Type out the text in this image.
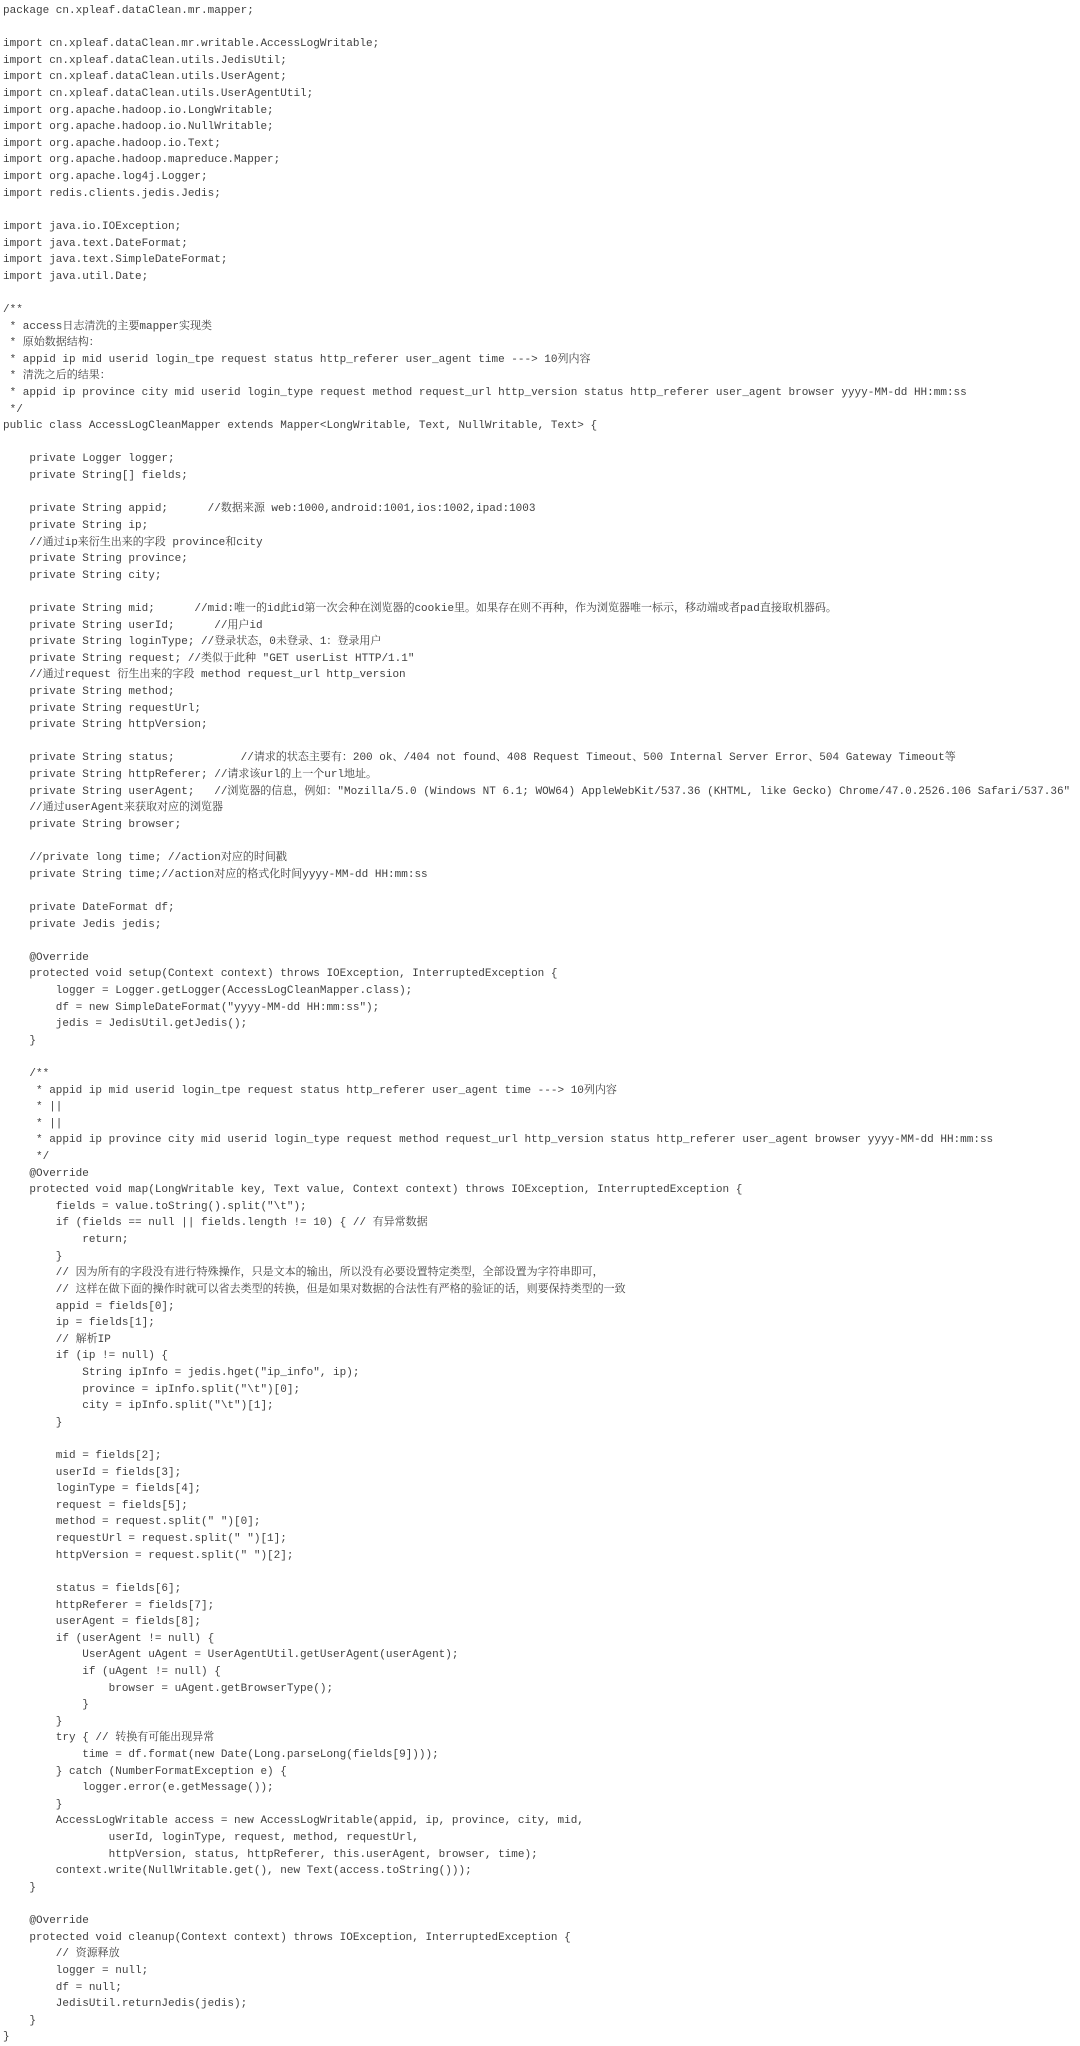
package cn.xpleaf.dataClean.mr.mapper;
import cn.xpleaf.dataClean.mr.writable.AccessLogWritable;
import cn.xpleaf.dataClean.utils.JedisUtil;
import cn.xpleaf.dataClean.utils.UserAgent;
import cn.xpleaf.dataClean.utils.UserAgentUtil;
import org.apache.hadoop.io.LongWritable;
import org.apache.hadoop.io.NullWritable;
import org.apache.hadoop.io.Text;
import org.apache.hadoop.mapreduce.Mapper;
import org.apache.log4j.Logger;
import redis.clients.jedis.Jedis;
import java.io.IOException;
import java.text.DateFormat;
import java.text.SimpleDateFormat;
import java.util.Date;
/**
* access日志清洗的主要mapper实现类
* 原始数据结构：
* appid ip mid userid login_tpe request status http_referer user_agent time ---> 10列内容
* 清洗之后的结果：
* appid ip province city mid userid login_type request method request_url http_version status http_referer user_agent browser yyyy-MM-dd HH:mm:ss
*/
public class AccessLogCleanMapper extends Mapper<LongWritable, Text, NullWritable, Text> {
private Logger logger;
private String[] fields;
private String appid;      //数据来源 web:1000,android:1001,ios:1002,ipad:1003
private String ip;
//通过ip来衍生出来的字段 province和city
private String province;
private String city;
private String mid;      //mid:唯一的id此id第一次会种在浏览器的cookie里。如果存在则不再种，作为浏览器唯一标示，移动端或者pad直接取机器码。
private String userId;      //用户id
private String loginType; //登录状态，0未登录、1：登录用户
private String request; //类似于此种 "GET userList HTTP/1.1"
//通过request 衍生出来的字段 method request_url http_version
private String method;
private String requestUrl;
private String httpVersion;
private String status;          //请求的状态主要有：200 ok、/404 not found、408 Request Timeout、500 Internal Server Error、504 Gateway Timeout等
private String httpReferer; //请求该url的上一个url地址。
private String userAgent;   //浏览器的信息，例如："Mozilla/5.0 (Windows NT 6.1; WOW64) AppleWebKit/537.36 (KHTML, like Gecko) Chrome/47.0.2526.106 Safari/537.36"
//通过userAgent来获取对应的浏览器
private String browser;
//private long time; //action对应的时间戳
private String time;//action对应的格式化时间yyyy-MM-dd HH:mm:ss
private DateFormat df;
private Jedis jedis;
@Override
protected void setup(Context context) throws IOException, InterruptedException {
logger = Logger.getLogger(AccessLogCleanMapper.class);
df = new SimpleDateFormat("yyyy-MM-dd HH:mm:ss");
jedis = JedisUtil.getJedis();
}
/**
* appid ip mid userid login_tpe request status http_referer user_agent time ---> 10列内容
* ||
* ||
* appid ip province city mid userid login_type request method request_url http_version status http_referer user_agent browser yyyy-MM-dd HH:mm:ss
*/
@Override
protected void map(LongWritable key, Text value, Context context) throws IOException, InterruptedException {
fields = value.toString().split("\t");
if (fields == null || fields.length != 10) { // 有异常数据
return;
}
// 因为所有的字段没有进行特殊操作，只是文本的输出，所以没有必要设置特定类型，全部设置为字符串即可，
// 这样在做下面的操作时就可以省去类型的转换，但是如果对数据的合法性有严格的验证的话，则要保持类型的一致
appid = fields[0];
ip = fields[1];
// 解析IP
if (ip != null) {
String ipInfo = jedis.hget("ip_info", ip);
province = ipInfo.split("\t")[0];
city = ipInfo.split("\t")[1];
}
mid = fields[2];
userId = fields[3];
loginType = fields[4];
request = fields[5];
method = request.split(" ")[0];
requestUrl = request.split(" ")[1];
httpVersion = request.split(" ")[2];
status = fields[6];
httpReferer = fields[7];
userAgent = fields[8];
if (userAgent != null) {
UserAgent uAgent = UserAgentUtil.getUserAgent(userAgent);
if (uAgent != null) {
browser = uAgent.getBrowserType();
}
}
try { // 转换有可能出现异常
time = df.format(new Date(Long.parseLong(fields[9])));
} catch (NumberFormatException e) {
logger.error(e.getMessage());
}
AccessLogWritable access = new AccessLogWritable(appid, ip, province, city, mid,
userId, loginType, request, method, requestUrl,
httpVersion, status, httpReferer, this.userAgent, browser, time);
context.write(NullWritable.get(), new Text(access.toString()));
}
@Override
protected void cleanup(Context context) throws IOException, InterruptedException {
// 资源释放
logger = null;
df = null;
JedisUtil.returnJedis(jedis);
}
}
